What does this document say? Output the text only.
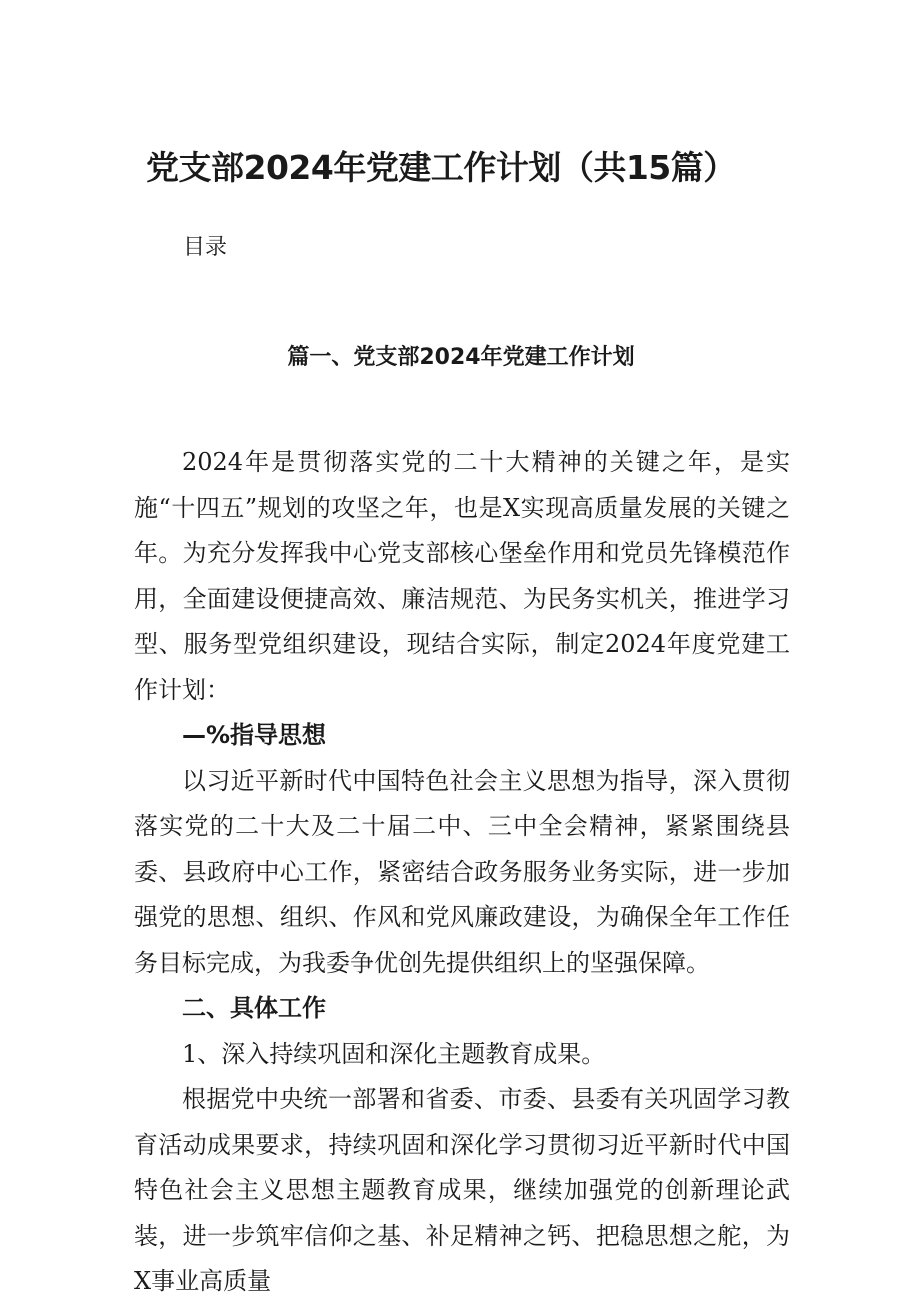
党支部2024年党建工作计划（共15篇）
目录
篇一、党支部2024年党建工作计划

2024年是贯彻落实党的二十大精神的关键之年，是实施“十四五”规划的攻坚之年，也是X实现高质量发展的关键之年。为充分发挥我中心党支部核心堡垒作用和党员先锋模范作用，全面建设便捷高效、廉洁规范、为民务实机关，推进学习型、服务型党组织建设，现结合实际，制定2024年度党建工作计划：

—%指导思想

以习近平新时代中国特色社会主义思想为指导，深入贯彻落实党的二十大及二十届二中、三中全会精神，紧紧围绕县委、县政府中心工作，紧密结合政务服务业务实际，进一步加强党的思想、组织、作风和党风廉政建设，为确保全年工作任务目标完成，为我委争优创先提供组织上的坚强保障。

二、具体工作

1、深入持续巩固和深化主题教育成果。

根据党中央统一部署和省委、市委、县委有关巩固学习教育活动成果要求，持续巩固和深化学习贯彻习近平新时代中国特色社会主义思想主题教育成果，继续加强党的创新理论武装，进一步筑牢信仰之基、补足精神之钙、把稳思想之舵，为X事业高质量
